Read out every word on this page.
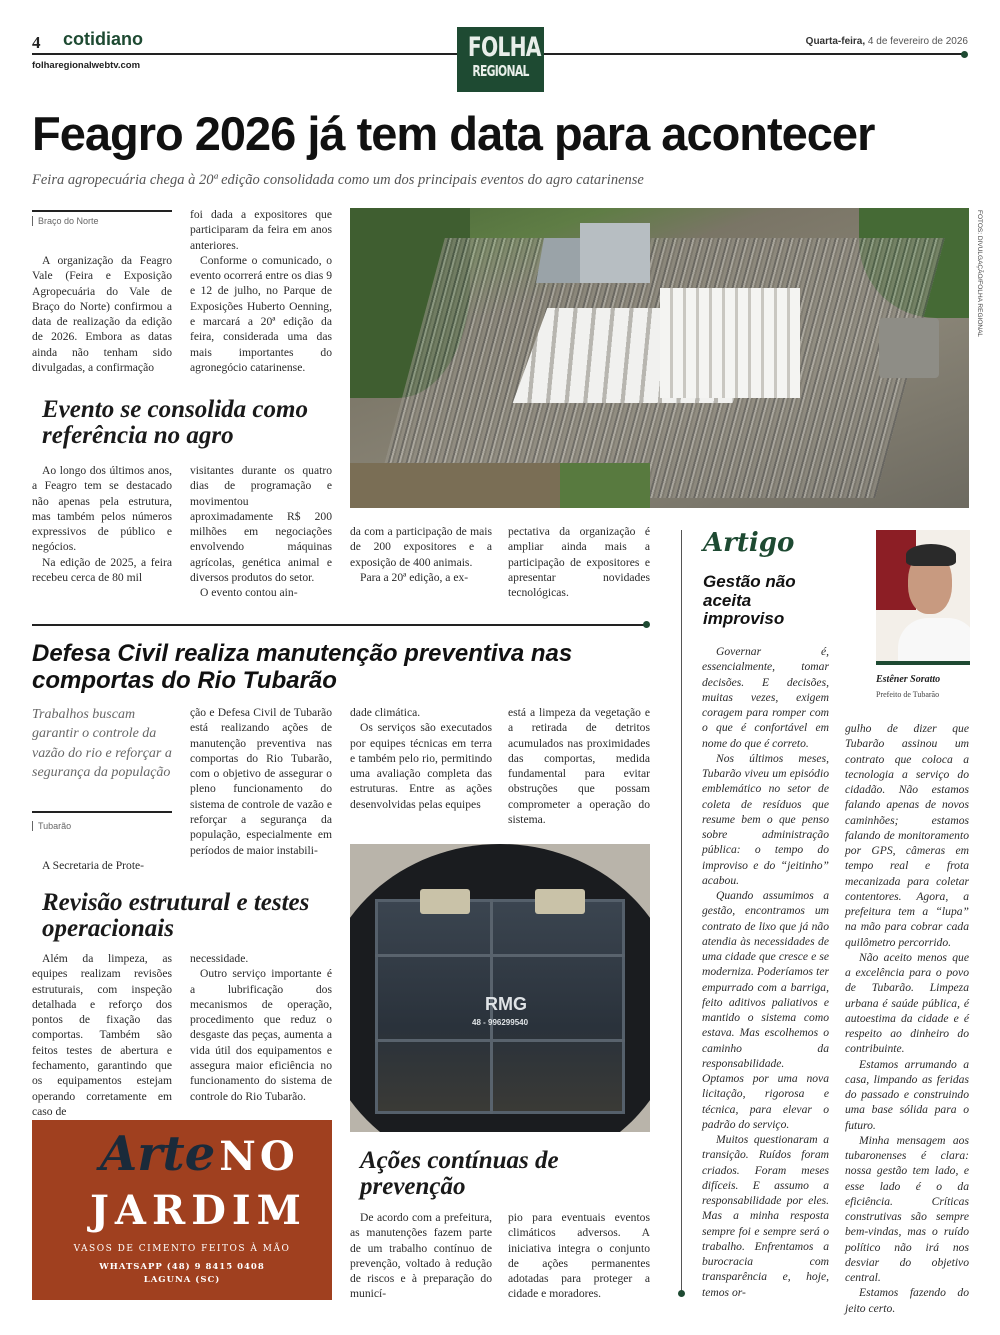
4 cotidiano
folharegionalwebtv.com
FOLHA
REGIONAL
Quarta-feira, 4 de fevereiro de 2026
Feagro 2026 já tem data para acontecer
Feira agropecuária chega à 20ª edição consolidada como um dos principais eventos do agro catarinense
Braço do Norte

A organização da Feagro Vale (Feira e Exposição Agropecuária do Vale de Braço do Norte) confirmou a data de realização da edição de 2026. Embora as datas ainda não tenham sido divulgadas, a confirmação

foi dada a expositores que participaram da feira em anos anteriores.

Conforme o comunicado, o evento ocorrerá entre os dias 9 e 12 de julho, no Parque de Exposições Huberto Oenning, e marcará a 20ª edição da feira, considerada uma das mais importantes do agronegócio catarinense.

FOTOS: DIVULGAÇÃO/FOLHA REGIONAL
Evento se consolida como referência no agro

Ao longo dos últimos anos, a Feagro tem se destacado não apenas pela estrutura, mas também pelos números expressivos de público e negócios.

Na edição de 2025, a feira recebeu cerca de 80 mil

visitantes durante os quatro dias de programação e movimentou aproximadamente R$ 200 milhões em negociações envolvendo máquinas agrícolas, genética animal e diversos produtos do setor.

O evento contou ain-

da com a participação de mais de 200 expositores e a exposição de 400 animais.

Para a 20ª edição, a ex-

pectativa da organização é ampliar ainda mais a participação de expositores e apresentar novidades tecnológicas.

Defesa Civil realiza manutenção preventiva nas comportas do Rio Tubarão
Trabalhos buscam garantir o controle da vazão do rio e reforçar a segurança da população
Tubarão

A Secretaria de Prote-

ção e Defesa Civil de Tubarão está realizando ações de manutenção preventiva nas comportas do Rio Tubarão, com o objetivo de assegurar o pleno funcionamento do sistema de controle de vazão e reforçar a segurança da população, especialmente em períodos de maior instabili-

dade climática.

Os serviços são executados por equipes técnicas em terra e também pelo rio, permitindo uma avaliação completa das estruturas. Entre as ações desenvolvidas pelas equipes

está a limpeza da vegetação e a retirada de detritos acumulados nas proximidades das comportas, medida fundamental para evitar obstruções que possam comprometer a operação do sistema.

Revisão estrutural e testes operacionais

Além da limpeza, as equipes realizam revisões estruturais, com inspeção detalhada e reforço dos pontos de fixação das comportas. Também são feitos testes de abertura e fechamento, garantindo que os equipamentos estejam operando corretamente em caso de

necessidade.

Outro serviço importante é a lubrificação dos mecanismos de operação, procedimento que reduz o desgaste das peças, aumenta a vida útil dos equipamentos e assegura maior eficiência no funcionamento do sistema de controle do Rio Tubarão.

RMG
48 - 996299540
Ações contínuas de prevenção

De acordo com a prefeitura, as manutenções fazem parte de um trabalho contínuo de prevenção, voltado à redução de riscos e à preparação do municí-

pio para eventuais eventos climáticos adversos. A iniciativa integra o conjunto de ações permanentes adotadas para proteger a cidade e moradores.

Arte NO
JARDIM
VASOS DE CIMENTO FEITOS À MÃO
WHATSAPP (48) 9 8415 0408
LAGUNA (SC)
Artigo
Gestão não aceita improviso
Estêner Soratto
Prefeito de Tubarão

Governar é, essencialmente, tomar decisões. E decisões, muitas vezes, exigem coragem para romper com o que é confortável em nome do que é correto.

Nos últimos meses, Tubarão viveu um episódio emblemático no setor de coleta de resíduos que resume bem o que penso sobre administração pública: o tempo do improviso e do “jeitinho” acabou.

Quando assumimos a gestão, encontramos um contrato de lixo que já não atendia às necessidades de uma cidade que cresce e se moderniza. Poderíamos ter empurrado com a barriga, feito aditivos paliativos e mantido o sistema como estava. Mas escolhemos o caminho da responsabilidade. Optamos por uma nova licitação, rigorosa e técnica, para elevar o padrão do serviço.

Muitos questionaram a transição. Ruídos foram criados. Foram meses difíceis. E assumo a responsabilidade por eles. Mas a minha resposta sempre foi e sempre será o trabalho. Enfrentamos a burocracia com transparência e, hoje, temos or-

gulho de dizer que Tubarão assinou um contrato que coloca a tecnologia a serviço do cidadão. Não estamos falando apenas de novos caminhões; estamos falando de monitoramento por GPS, câmeras em tempo real e frota mecanizada para coletar contentores. Agora, a prefeitura tem a “lupa” na mão para cobrar cada quilômetro percorrido.

Não aceito menos que a excelência para o povo de Tubarão. Limpeza urbana é saúde pública, é autoestima da cidade e é respeito ao dinheiro do contribuinte.

Estamos arrumando a casa, limpando as feridas do passado e construindo uma base sólida para o futuro.

Minha mensagem aos tubaronenses é clara: nossa gestão tem lado, e esse lado é o da eficiência. Críticas construtivas são sempre bem-vindas, mas o ruído político não irá nos desviar do objetivo central.

Estamos fazendo do jeito certo.
